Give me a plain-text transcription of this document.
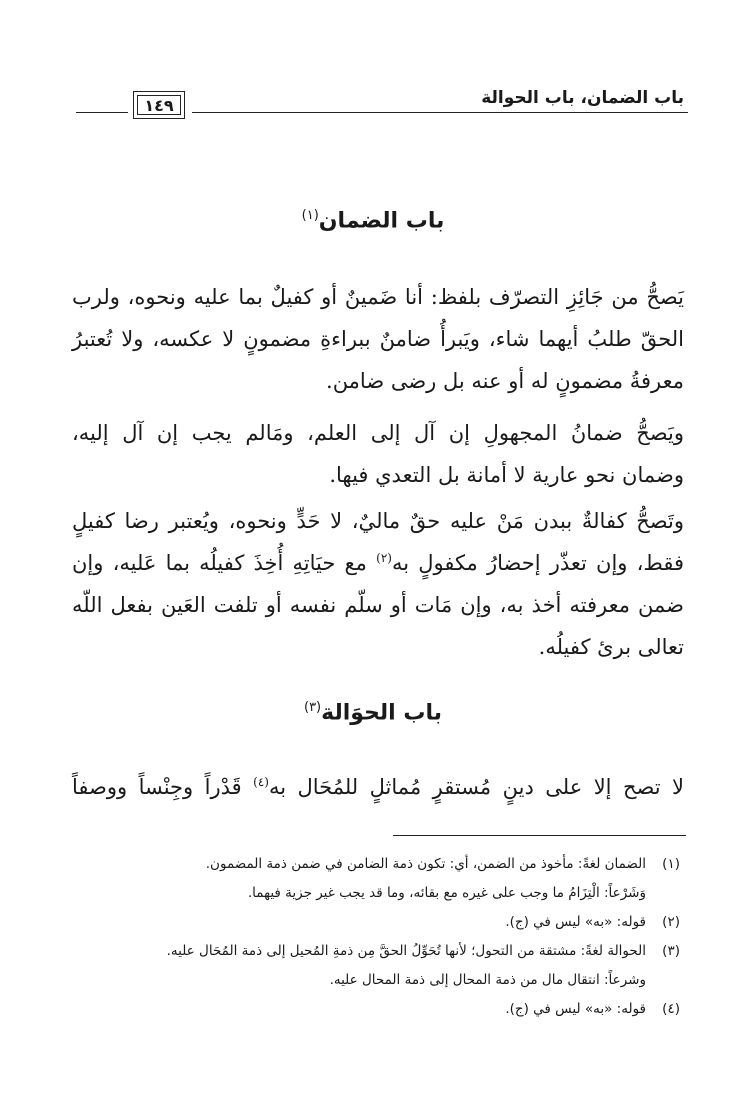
باب الضمان، باب الحوالة
١٤٩
باب الضمان$^{(١)}$
يَصحُّ من جَائِزِ التصرّف بلفظ: أنا ضَمينٌ أو كفيلٌ بما عليه ونحوه، ولرب
الحقّ طلبُ أيهما شاء، ويَبرأُ ضامنٌ ببراءةِ مضمونٍ لا عكسه، ولا تُعتبرُ
معرفةُ مضمونٍ له أو عنه بل رضى ضامن.
ويَصحُّ ضمانُ المجهولِ إن آل إلى العلم، ومَالم يجب إن آل إليه،
وضمان نحو عارية لا أمانة بل التعدي فيها.
وتَصحُّ كفالةٌ ببدن مَنْ عليه حقٌ ماليٌ، لا حَدٍّ ونحوه، ويُعتبر رضا كفيلٍ
فقط، وإن تعذّر إحضارُ مكفولٍ به$^{(٢)}$ مع حيَاتِهِ أُخِذَ كفيلُه بما عَليه، وإن
ضمن معرفته أخذ به، وإن مَات أو سلّم نفسه أو تلفت العَين بفعل اللّه
تعالى برئ كفيلُه.
باب الحوَالة$^{(٣)}$
لا تصح إلا على دينٍ مُستقرٍ مُماثلٍ للمُحَال به$^{(٤)}$ قَدْراً وجِنْساً ووصفاً
(١)الضمان لغةً: مأخوذ من الضمن، أي: تكون ذمة الضامن في ضمن ذمة المضمون.
وَشَرْعاً: الْتِزَامُ ما وجب على غيره مع بقائه، وما قد يجب غير جزية فيهما.
(٢)قوله: «به» ليس في (ج).
(٣)الحوالة لغةً: مشتقة من التحول؛ لأنها تُحَوِّلُ الحقَّ مِن ذمةِ المُحيل إلى ذمة المُحَال عليه.
وشرعاً: انتقال مال من ذمة المحال إلى ذمة المحال عليه.
(٤)قوله: «به» ليس في (ج).
